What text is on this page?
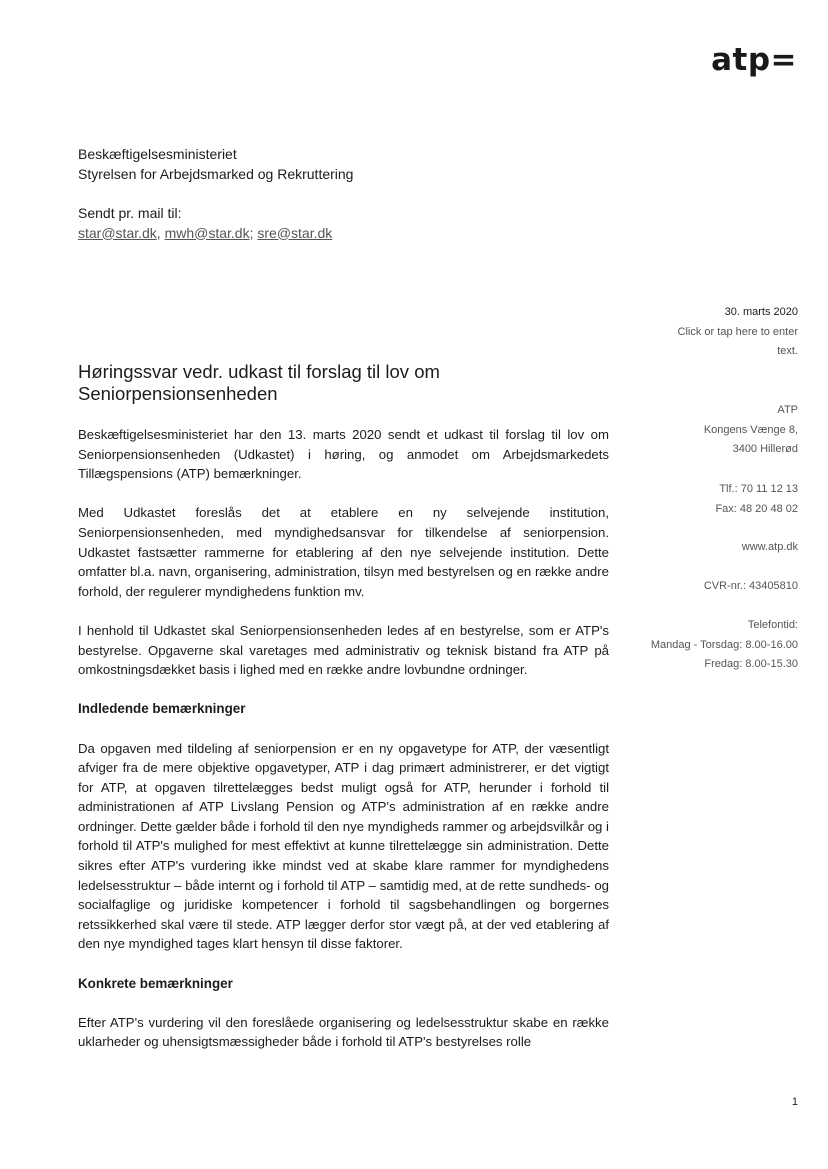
atp=
Beskæftigelsesministeriet
Styrelsen for Arbejdsmarked og Rekruttering
Sendt pr. mail til:
star@star.dk, mwh@star.dk; sre@star.dk
30. marts 2020
Click or tap here to enter
text.
ATP
Kongens Vænge 8,
3400 Hillerød
Tlf.: 70 11 12 13
Fax: 48 20 48 02
www.atp.dk
CVR-nr.: 43405810
Telefontid:
Mandag - Torsdag: 8.00-16.00
Fredag: 8.00-15.30
Høringssvar vedr. udkast til forslag til lov om Seniorpensionsenheden

Beskæftigelsesministeriet har den 13. marts 2020 sendt et udkast til forslag til lov om Seniorpensionsenheden (Udkastet) i høring, og anmodet om Arbejdsmarkedets Tillægspensions (ATP) bemærkninger.

Med Udkastet foreslås det at etablere en ny selvejende institution, Seniorpensionsenheden, med myndighedsansvar for tilkendelse af seniorpension. Udkastet fastsætter rammerne for etablering af den nye selvejende institution. Dette omfatter bl.a. navn, organisering, administration, tilsyn med bestyrelsen og en række andre forhold, der regulerer myndighedens funktion mv.

I henhold til Udkastet skal Seniorpensionsenheden ledes af en bestyrelse, som er ATP's bestyrelse. Opgaverne skal varetages med administrativ og teknisk bistand fra ATP på omkostningsdækket basis i lighed med en række andre lovbundne ordninger.

Indledende bemærkninger

Da opgaven med tildeling af seniorpension er en ny opgavetype for ATP, der væsentligt afviger fra de mere objektive opgavetyper, ATP i dag primært administrerer, er det vigtigt for ATP, at opgaven tilrettelægges bedst muligt også for ATP, herunder i forhold til administrationen af ATP Livslang Pension og ATP's administration af en række andre ordninger. Dette gælder både i forhold til den nye myndigheds rammer og arbejdsvilkår og i forhold til ATP's mulighed for mest effektivt at kunne tilrettelægge sin administration. Dette sikres efter ATP's vurdering ikke mindst ved at skabe klare rammer for myndighedens ledelsesstruktur – både internt og i forhold til ATP – samtidig med, at de rette sundheds- og socialfaglige og juridiske kompetencer i forhold til sagsbehandlingen og borgernes retssikkerhed skal være til stede. ATP lægger derfor stor vægt på, at der ved etablering af den nye myndighed tages klart hensyn til disse faktorer.

Konkrete bemærkninger

Efter ATP's vurdering vil den foreslåede organisering og ledelsesstruktur skabe en række uklarheder og uhensigtsmæssigheder både i forhold til ATP's bestyrelses rolle

1
